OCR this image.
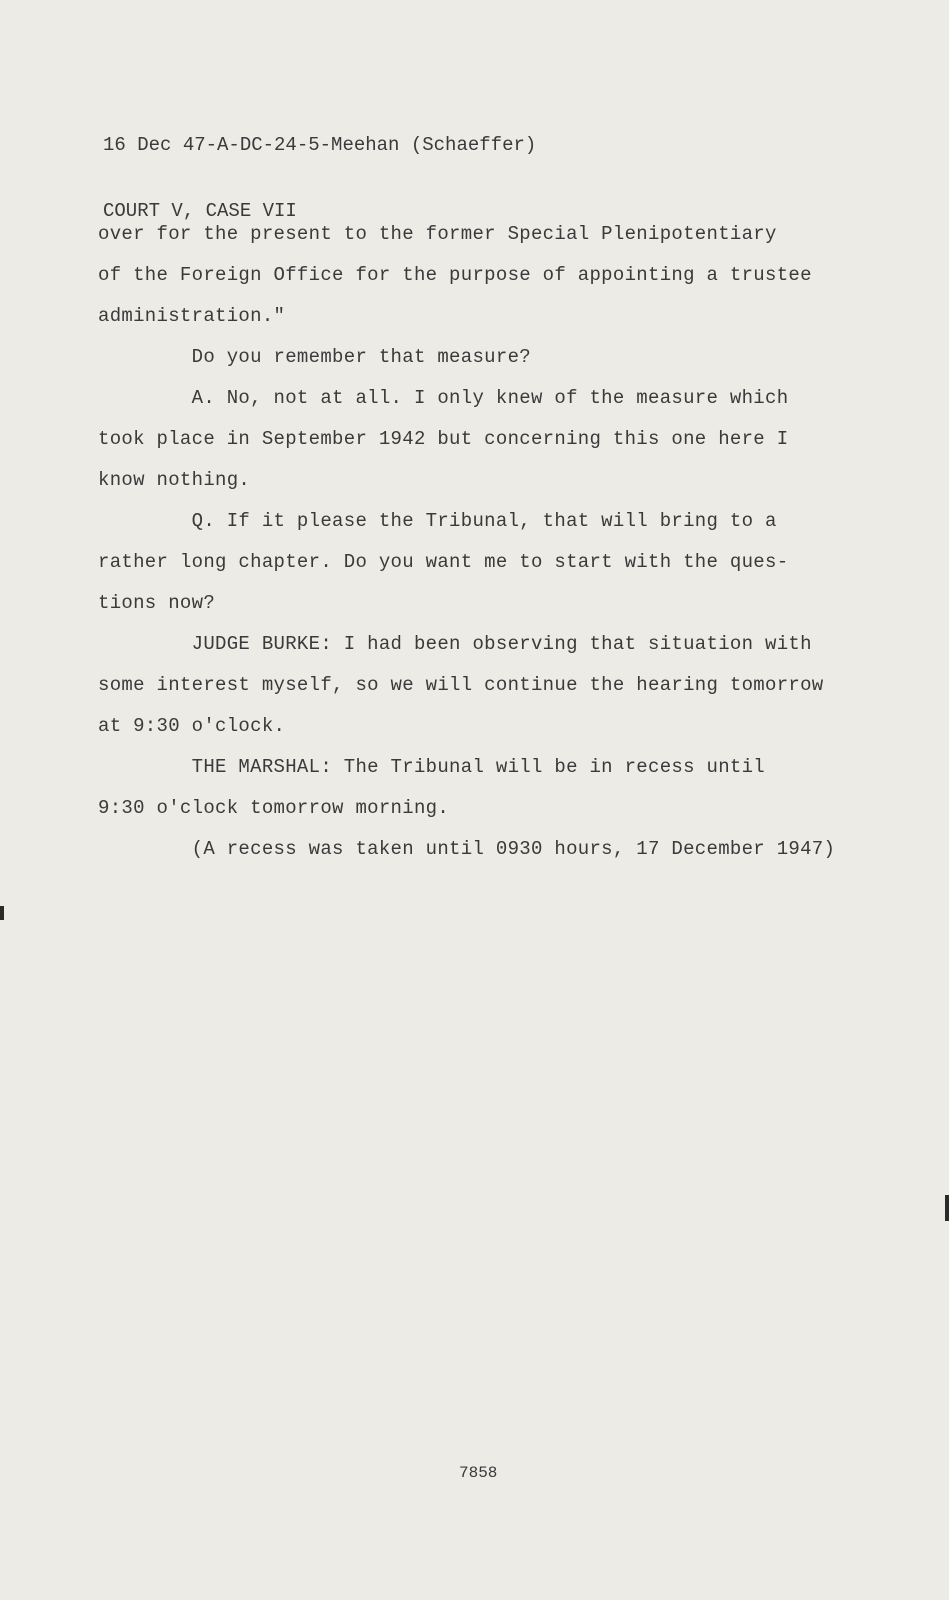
16 Dec 47-A-DC-24-5-Meehan (Schaeffer)

COURT V, CASE VII

over for the present to the former Special Plenipotentiary
of the Foreign Office for the purpose of appointing a trustee
administration."
Do you remember that measure?
A. No, not at all. I only knew of the measure which
took place in September 1942 but concerning this one here I
know nothing.
Q. If it please the Tribunal, that will bring to a
rather long chapter. Do you want me to start with the ques-
tions now?
JUDGE BURKE: I had been observing that situation with
some interest myself, so we will continue the hearing tomorrow
at 9:30 o'clock.
THE MARSHAL: The Tribunal will be in recess until
9:30 o'clock tomorrow morning.
(A recess was taken until 0930 hours, 17 December 1947)
7858
